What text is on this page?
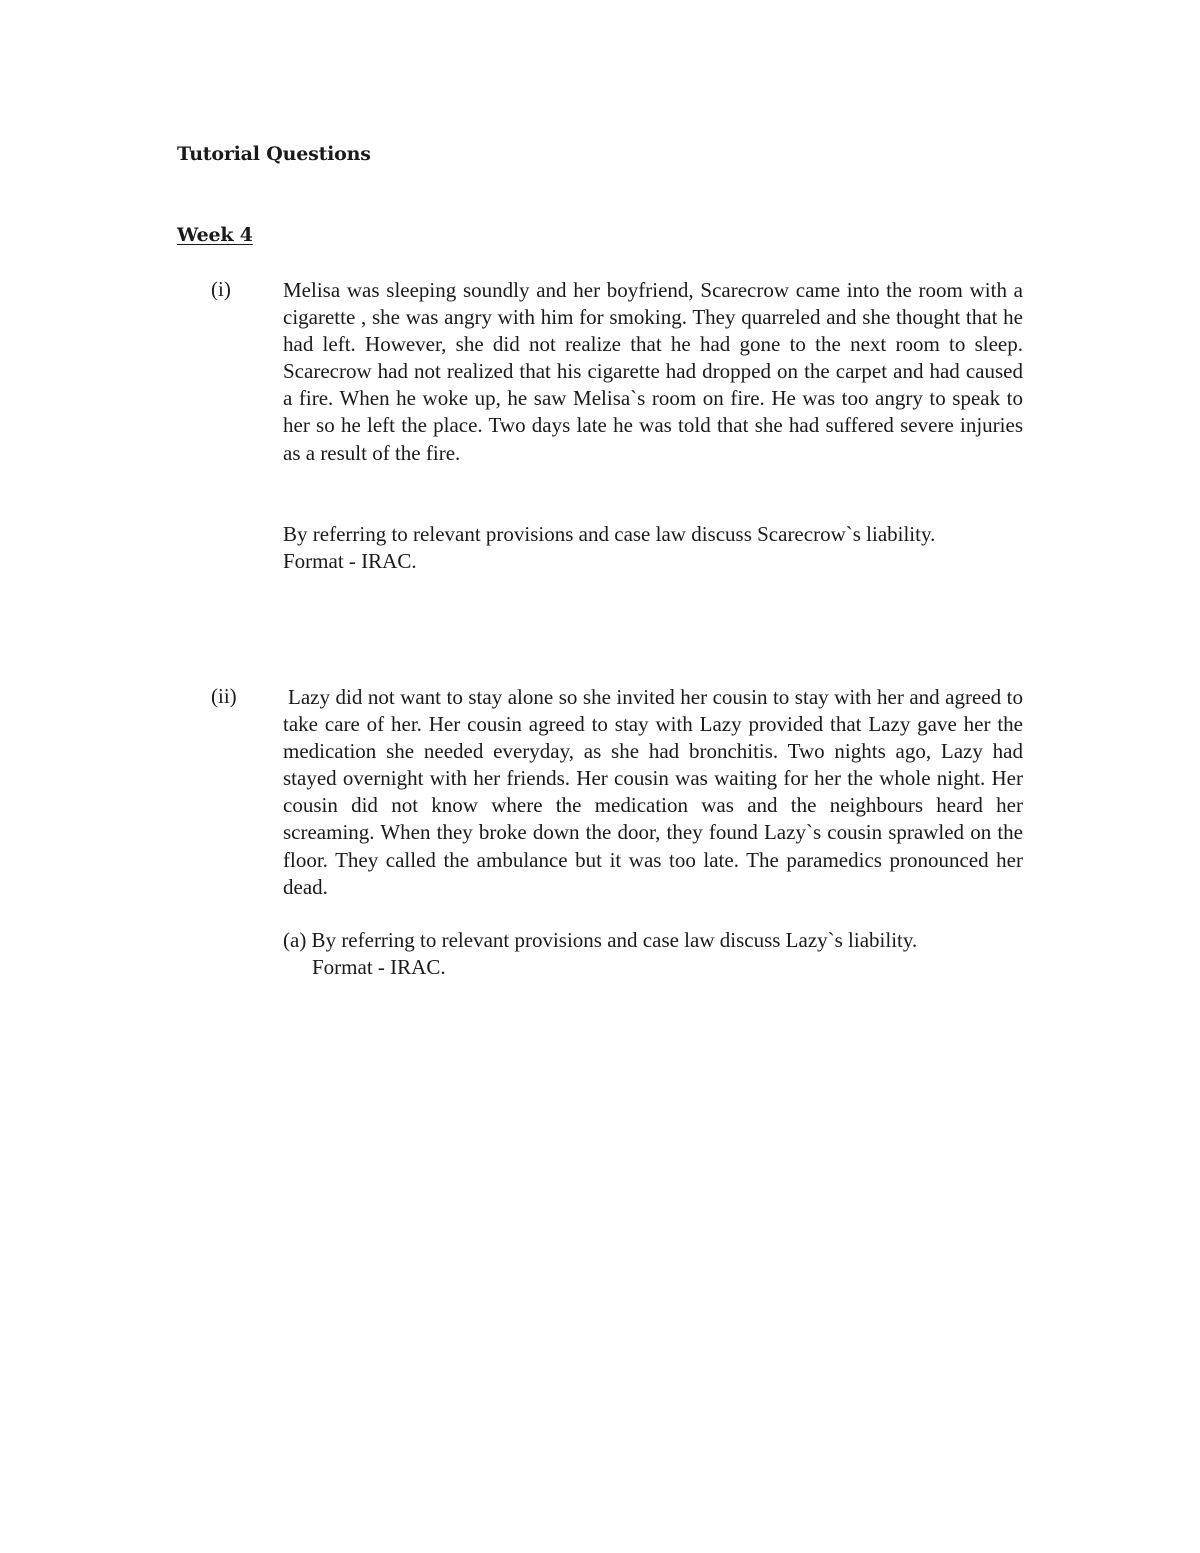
Tutorial Questions
Week 4
(i) Melisa was sleeping soundly and her boyfriend, Scarecrow came into the room with a cigarette , she was angry with him for smoking. They quarreled and she thought that he had left. However, she did not realize that he had gone to the next room to sleep. Scarecrow had not realized that his cigarette had dropped on the carpet and had caused a fire. When he woke up, he saw Melisa`s room on fire. He was too angry to speak to her so he left the place. Two days late he was told that she had suffered severe injuries as a result of the fire.
By referring to relevant provisions and case law discuss Scarecrow`s liability.
Format - IRAC.
(ii) Lazy did not want to stay alone so she invited her cousin to stay with her and agreed to take care of her. Her cousin agreed to stay with Lazy provided that Lazy gave her the medication she needed everyday, as she had bronchitis. Two nights ago, Lazy had stayed overnight with her friends. Her cousin was waiting for her the whole night. Her cousin did not know where the medication was and the neighbours heard her screaming. When they broke down the door, they found Lazy`s cousin sprawled on the floor. They called the ambulance but it was too late. The paramedics pronounced her dead.
(a) By referring to relevant provisions and case law discuss Lazy`s liability.
Format - IRAC.
